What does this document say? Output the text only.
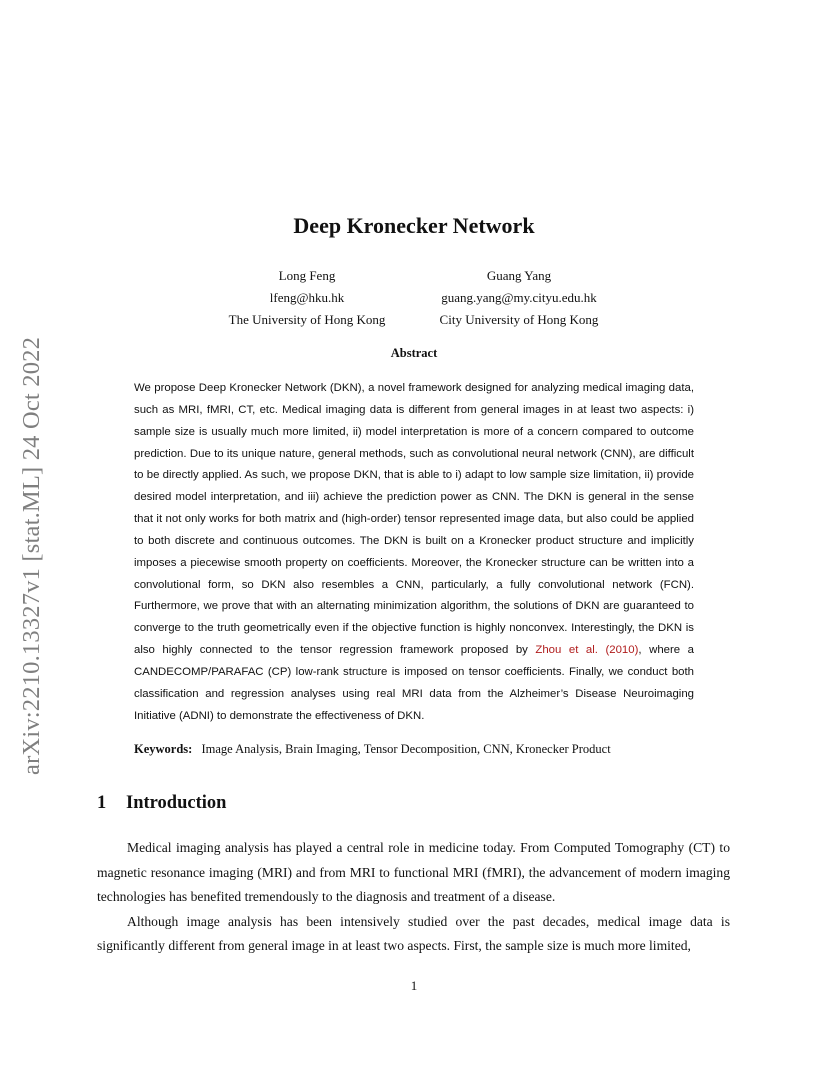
arXiv:2210.13327v1 [stat.ML] 24 Oct 2022
Deep Kronecker Network
Long Feng
lfeng@hku.hk
The University of Hong Kong
Guang Yang
guang.yang@my.cityu.edu.hk
City University of Hong Kong
Abstract
We propose Deep Kronecker Network (DKN), a novel framework designed for analyzing medical imaging data, such as MRI, fMRI, CT, etc. Medical imaging data is different from general images in at least two aspects: i) sample size is usually much more limited, ii) model interpretation is more of a concern compared to outcome prediction. Due to its unique nature, general methods, such as convolutional neural network (CNN), are difficult to be directly applied. As such, we propose DKN, that is able to i) adapt to low sample size limitation, ii) provide desired model interpretation, and iii) achieve the prediction power as CNN. The DKN is general in the sense that it not only works for both matrix and (high-order) tensor represented image data, but also could be applied to both discrete and continuous outcomes. The DKN is built on a Kronecker product structure and implicitly imposes a piecewise smooth property on coefficients. Moreover, the Kronecker structure can be written into a convolutional form, so DKN also resembles a CNN, particularly, a fully convolutional network (FCN). Furthermore, we prove that with an alternating minimization algorithm, the solutions of DKN are guaranteed to converge to the truth geometrically even if the objective function is highly nonconvex. Interestingly, the DKN is also highly connected to the tensor regression framework proposed by Zhou et al. (2010), where a CANDECOMP/PARAFAC (CP) low-rank structure is imposed on tensor coefficients. Finally, we conduct both classification and regression analyses using real MRI data from the Alzheimer’s Disease Neuroimaging Initiative (ADNI) to demonstrate the effectiveness of DKN.
Keywords: Image Analysis, Brain Imaging, Tensor Decomposition, CNN, Kronecker Product
1 Introduction

Medical imaging analysis has played a central role in medicine today. From Computed Tomography (CT) to magnetic resonance imaging (MRI) and from MRI to functional MRI (fMRI), the advancement of modern imaging technologies has benefited tremendously to the diagnosis and treatment of a disease.

Although image analysis has been intensively studied over the past decades, medical image data is significantly different from general image in at least two aspects. First, the sample size is much more limited,

1
